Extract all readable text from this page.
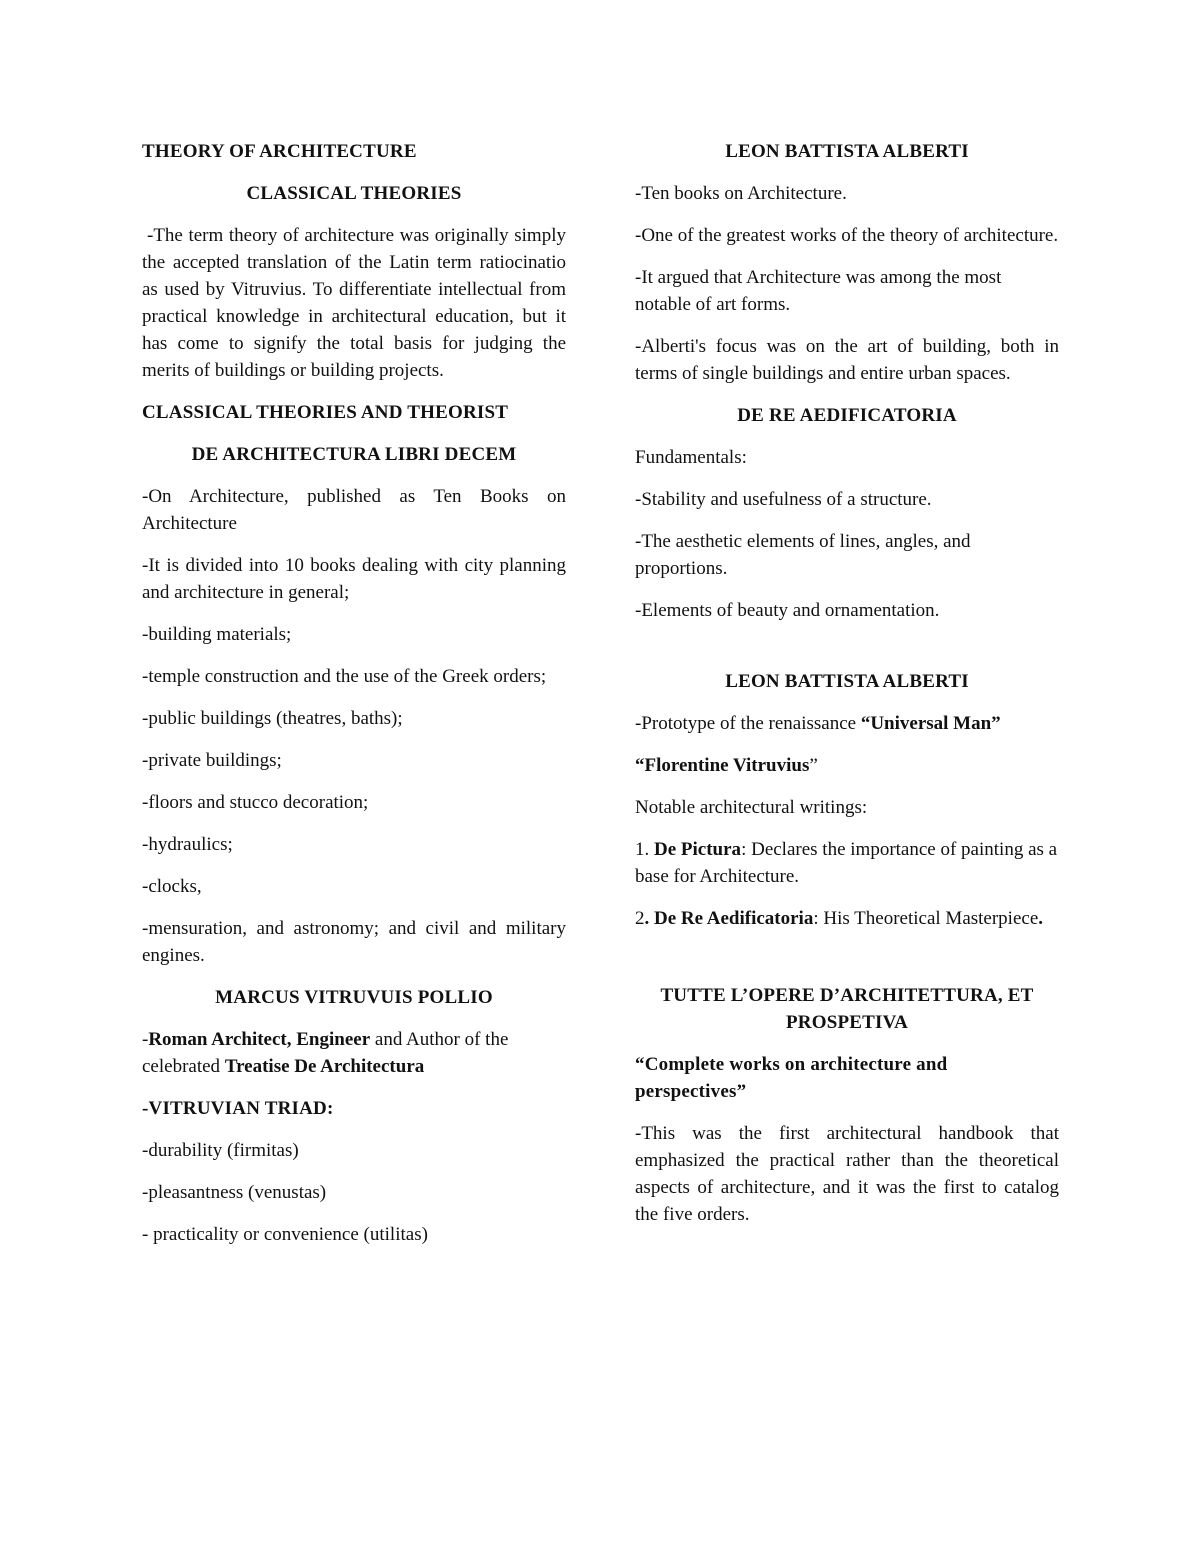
THEORY OF ARCHITECTURE

CLASSICAL THEORIES

-The term theory of architecture was originally simply the accepted translation of the Latin term ratiocinatio as used by Vitruvius. To differentiate intellectual from practical knowledge in architectural education, but it has come to signify the total basis for judging the merits of buildings or building projects.

CLASSICAL THEORIES AND THEORIST

DE ARCHITECTURA LIBRI DECEM

-On Architecture, published as Ten Books on Architecture

-It is divided into 10 books dealing with city planning and architecture in general;

-building materials;

-temple construction and the use of the Greek orders;

-public buildings (theatres, baths);

-private buildings;

-floors and stucco decoration;

-hydraulics;

-clocks,

-mensuration, and astronomy; and civil and military engines.

MARCUS VITRUVUIS POLLIO

-Roman Architect, Engineer and Author of the celebrated Treatise De Architectura

-VITRUVIAN TRIAD:

-durability (firmitas)

-pleasantness (venustas)

- practicality or convenience (utilitas)

LEON BATTISTA ALBERTI

-Ten books on Architecture.

-One of the greatest works of the theory of architecture.

-It argued that Architecture was among the most notable of art forms.

-Alberti's focus was on the art of building, both in terms of single buildings and entire urban spaces.

DE RE AEDIFICATORIA

Fundamentals:

-Stability and usefulness of a structure.

-The aesthetic elements of lines, angles, and proportions.

-Elements of beauty and ornamentation.

LEON BATTISTA ALBERTI

-Prototype of the renaissance “Universal Man”

“Florentine Vitruvius”

Notable architectural writings:

1. De Pictura: Declares the importance of painting as a base for Architecture.

2. De Re Aedificatoria: His Theoretical Masterpiece.

TUTTE L’OPERE D’ARCHITETTURA, ET PROSPETIVA

“Complete works on architecture and perspectives”

-This was the first architectural handbook that emphasized the practical rather than the theoretical aspects of architecture, and it was the first to catalog the five orders.
